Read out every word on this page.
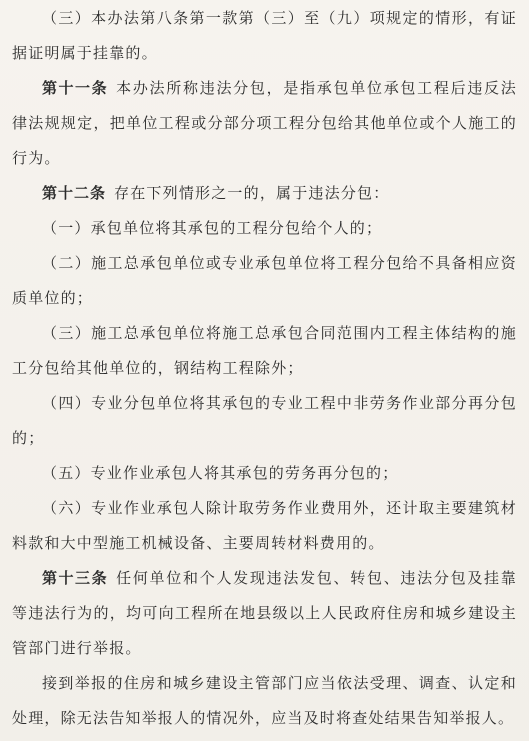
（三）本办法第八条第一款第（三）至（九）项规定的情形，有证据证明属于挂靠的。

第十一条 本办法所称违法分包，是指承包单位承包工程后违反法律法规规定，把单位工程或分部分项工程分包给其他单位或个人施工的行为。

第十二条 存在下列情形之一的，属于违法分包：

（一）承包单位将其承包的工程分包给个人的；

（二）施工总承包单位或专业承包单位将工程分包给不具备相应资质单位的；

（三）施工总承包单位将施工总承包合同范围内工程主体结构的施工分包给其他单位的，钢结构工程除外；

（四）专业分包单位将其承包的专业工程中非劳务作业部分再分包的；

（五）专业作业承包人将其承包的劳务再分包的；

（六）专业作业承包人除计取劳务作业费用外，还计取主要建筑材料款和大中型施工机械设备、主要周转材料费用的。

第十三条 任何单位和个人发现违法发包、转包、违法分包及挂靠等违法行为的，均可向工程所在地县级以上人民政府住房和城乡建设主管部门进行举报。

接到举报的住房和城乡建设主管部门应当依法受理、调查、认定和处理，除无法告知举报人的情况外，应当及时将查处结果告知举报人。
